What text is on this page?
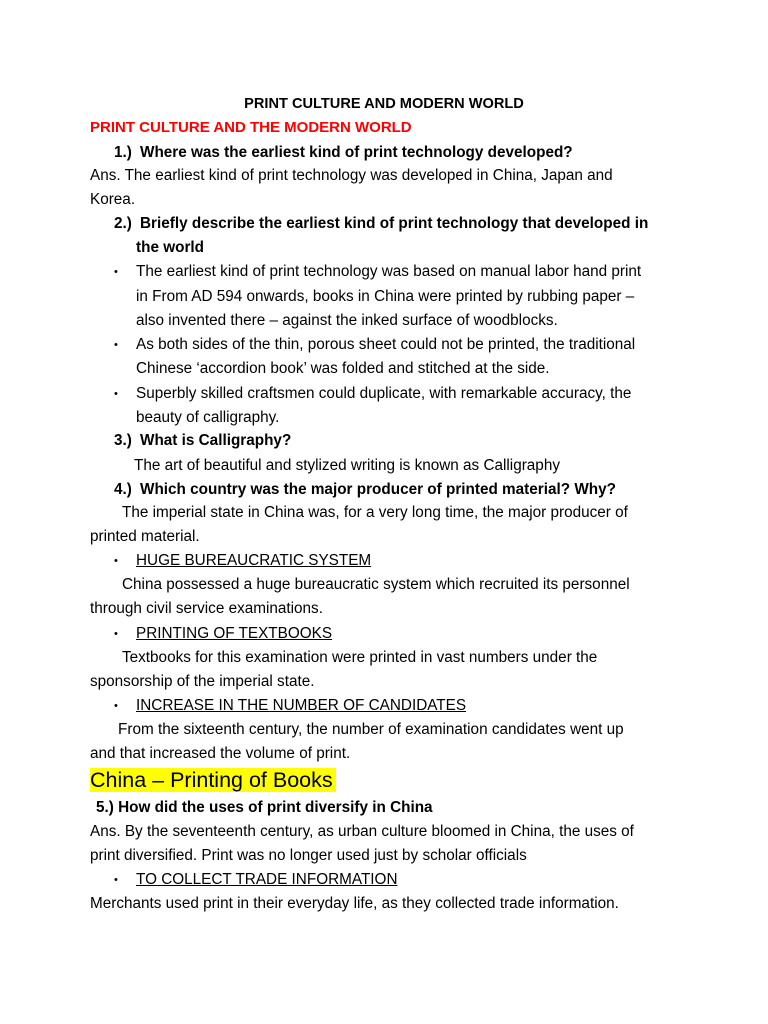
PRINT CULTURE AND MODERN WORLD
PRINT CULTURE AND THE MODERN WORLD
1.) Where was the earliest kind of print technology developed?
Ans. The earliest kind of print technology was developed in China, Japan and
Korea.
2.) Briefly describe the earliest kind of print technology that developed in
the world
• The earliest kind of print technology was based on manual labor hand print
in From AD 594 onwards, books in China were printed by rubbing paper –
also invented there – against the inked surface of woodblocks.
• As both sides of the thin, porous sheet could not be printed, the traditional
Chinese ‘accordion book’ was folded and stitched at the side.
• Superbly skilled craftsmen could duplicate, with remarkable accuracy, the
beauty of calligraphy.
3.) What is Calligraphy?
The art of beautiful and stylized writing is known as Calligraphy
4.) Which country was the major producer of printed material? Why?
The imperial state in China was, for a very long time, the major producer of
printed material.
• HUGE BUREAUCRATIC SYSTEM
China possessed a huge bureaucratic system which recruited its personnel
through civil service examinations.
• PRINTING OF TEXTBOOKS
Textbooks for this examination were printed in vast numbers under the
sponsorship of the imperial state.
• INCREASE IN THE NUMBER OF CANDIDATES
From the sixteenth century, the number of examination candidates went up
and that increased the volume of print.
China – Printing of Books
5.) How did the uses of print diversify in China
Ans. By the seventeenth century, as urban culture bloomed in China, the uses of
print diversified. Print was no longer used just by scholar officials
• TO COLLECT TRADE INFORMATION
Merchants used print in their everyday life, as they collected trade information.
